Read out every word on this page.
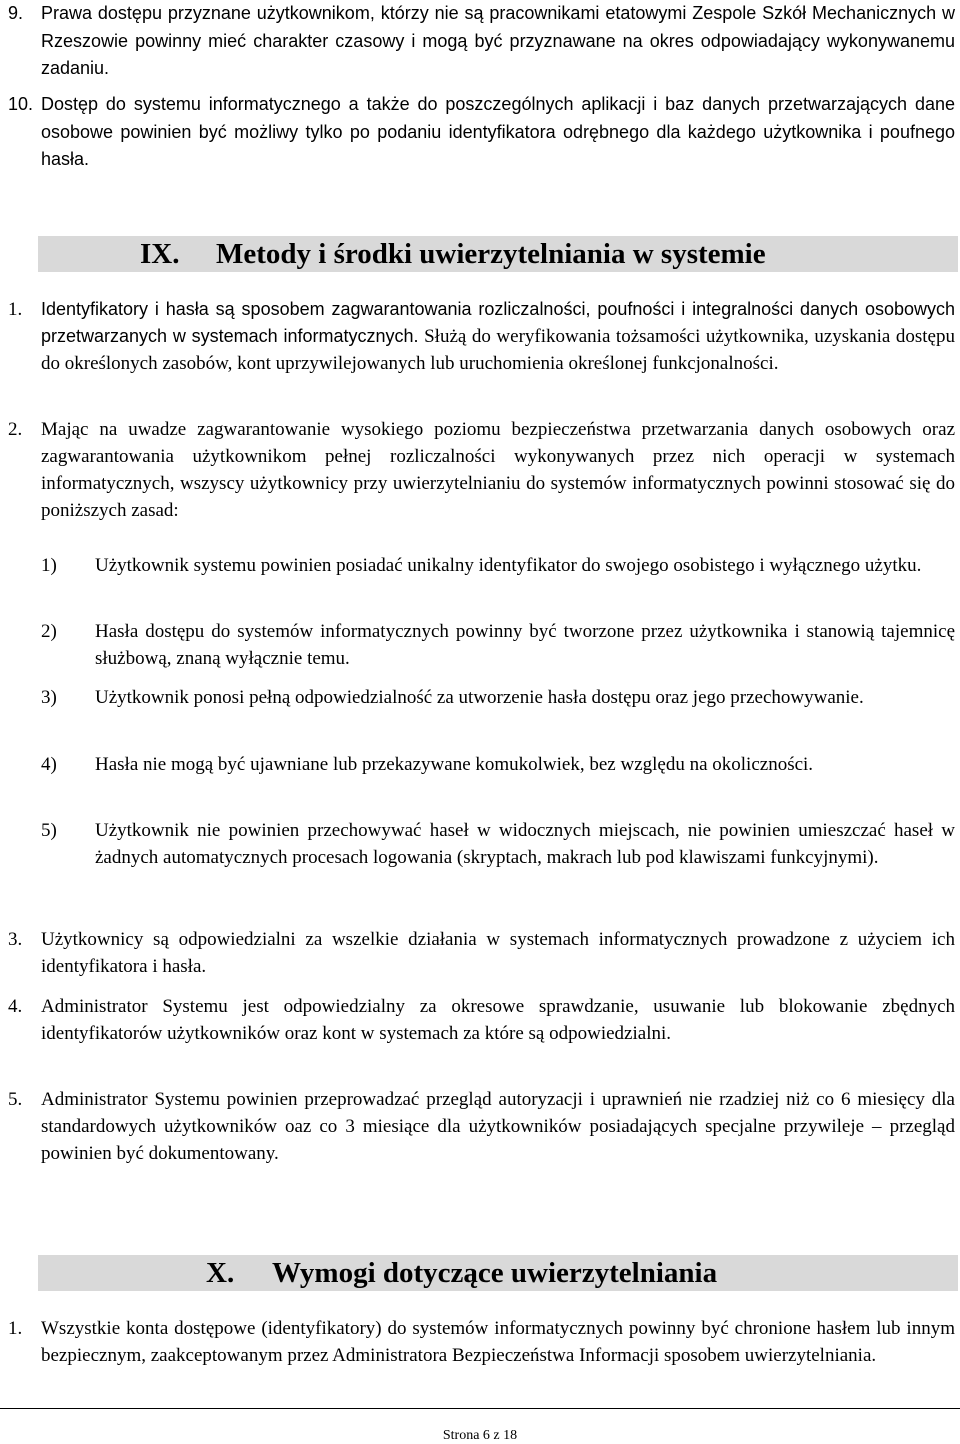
9. Prawa dostępu przyznane użytkownikom, którzy nie są pracownikami etatowymi Zespole Szkół Mechanicznych w Rzeszowie powinny mieć charakter czasowy i mogą być przyznawane na okres odpowiadający wykonywanemu zadaniu.
10. Dostęp do systemu informatycznego a także do poszczególnych aplikacji i baz danych przetwarzających dane osobowe powinien być możliwy tylko po podaniu identyfikatora odrębnego dla każdego użytkownika i poufnego hasła.
IX. Metody i środki uwierzytelniania w systemie
1. Identyfikatory i hasła są sposobem zagwarantowania rozliczalności, poufności i integralności danych osobowych przetwarzanych w systemach informatycznych. Służą do weryfikowania tożsamości użytkownika, uzyskania dostępu do określonych zasobów, kont uprzywilejowanych lub uruchomienia określonej funkcjonalności.
2. Mając na uwadze zagwarantowanie wysokiego poziomu bezpieczeństwa przetwarzania danych osobowych oraz zagwarantowania użytkownikom pełnej rozliczalności wykonywanych przez nich operacji w systemach informatycznych, wszyscy użytkownicy przy uwierzytelnianiu do systemów informatycznych powinni stosować się do poniższych zasad:
1) Użytkownik systemu powinien posiadać unikalny identyfikator do swojego osobistego i wyłącznego użytku.
2) Hasła dostępu do systemów informatycznych powinny być tworzone przez użytkownika i stanowią tajemnicę służbową, znaną wyłącznie temu.
3) Użytkownik ponosi pełną odpowiedzialność za utworzenie hasła dostępu oraz jego przechowywanie.
4) Hasła nie mogą być ujawniane lub przekazywane komukolwiek, bez względu na okoliczności.
5) Użytkownik nie powinien przechowywać haseł w widocznych miejscach, nie powinien umieszczać haseł w żadnych automatycznych procesach logowania (skryptach, makrach lub pod klawiszami funkcyjnymi).
3. Użytkownicy są odpowiedzialni za wszelkie działania w systemach informatycznych prowadzone z użyciem ich identyfikatora i hasła.
4. Administrator Systemu jest odpowiedzialny za okresowe sprawdzanie, usuwanie lub blokowanie zbędnych identyfikatorów użytkowników oraz kont w systemach za które są odpowiedzialni.
5. Administrator Systemu powinien przeprowadzać przegląd autoryzacji i uprawnień nie rzadziej niż co 6 miesięcy dla standardowych użytkowników oaz co 3 miesiące dla użytkowników posiadających specjalne przywileje – przegląd powinien być dokumentowany.
X. Wymogi dotyczące uwierzytelniania
1. Wszystkie konta dostępowe (identyfikatory) do systemów informatycznych powinny być chronione hasłem lub innym bezpiecznym, zaakceptowanym przez Administratora Bezpieczeństwa Informacji sposobem uwierzytelniania.
Strona 6 z 18
